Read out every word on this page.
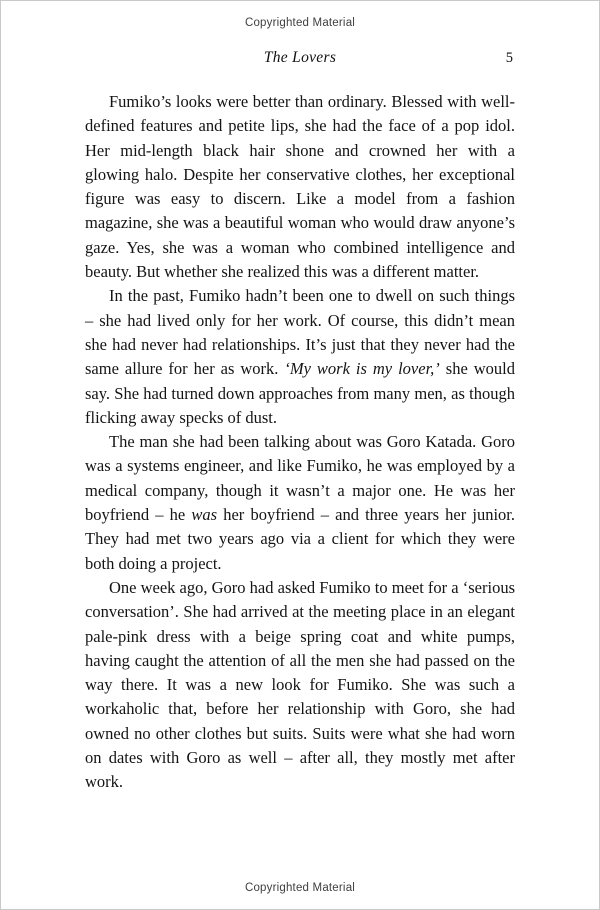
Copyrighted Material
The Lovers	5

Fumiko’s looks were better than ordinary. Blessed with well-defined features and petite lips, she had the face of a pop idol. Her mid-length black hair shone and crowned her with a glowing halo. Despite her conservative clothes, her exceptional figure was easy to discern. Like a model from a fashion magazine, she was a beautiful woman who would draw anyone’s gaze. Yes, she was a woman who combined intelligence and beauty. But whether she realized this was a different matter.

In the past, Fumiko hadn’t been one to dwell on such things – she had lived only for her work. Of course, this didn’t mean she had never had relationships. It’s just that they never had the same allure for her as work. ‘My work is my lover,’ she would say. She had turned down approaches from many men, as though flicking away specks of dust.

The man she had been talking about was Goro Katada. Goro was a systems engineer, and like Fumiko, he was employed by a medical company, though it wasn’t a major one. He was her boyfriend – he was her boyfriend – and three years her junior. They had met two years ago via a client for which they were both doing a project.

One week ago, Goro had asked Fumiko to meet for a ‘serious conversation’. She had arrived at the meeting place in an elegant pale-pink dress with a beige spring coat and white pumps, having caught the attention of all the men she had passed on the way there. It was a new look for Fumiko. She was such a workaholic that, before her relationship with Goro, she had owned no other clothes but suits. Suits were what she had worn on dates with Goro as well – after all, they mostly met after work.

Copyrighted Material
